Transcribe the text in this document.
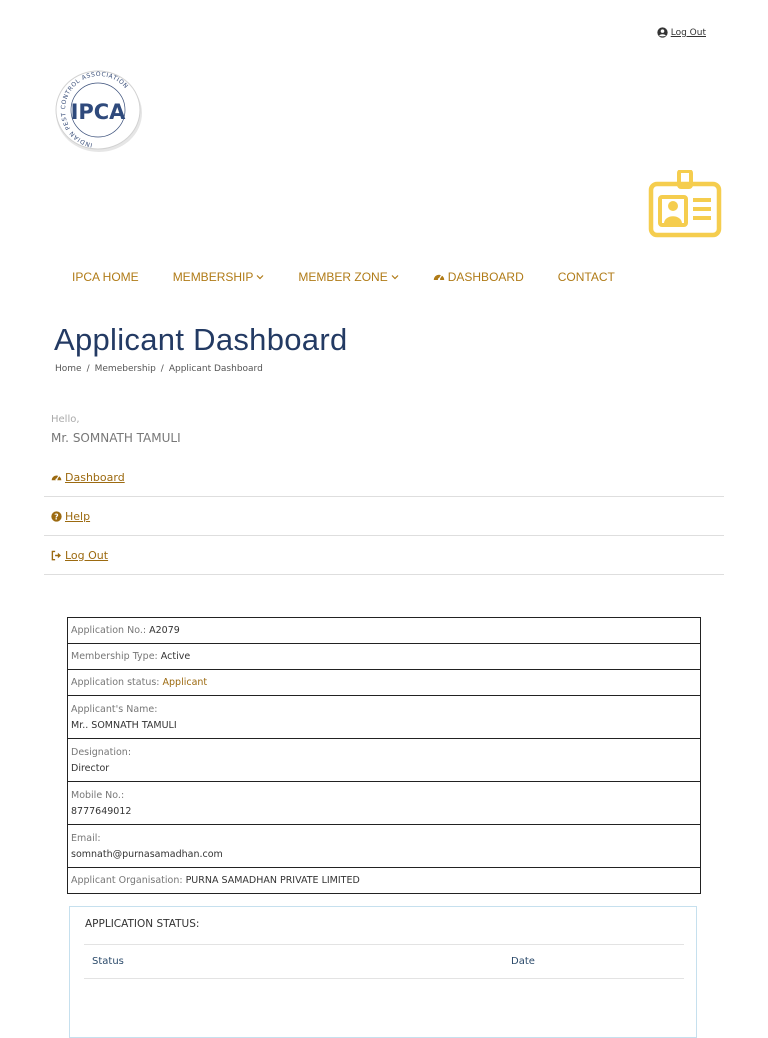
Log Out
INDIAN PEST CONTROL ASSOCIATION
IPCA
IPCA HOME	MEMBERSHIP	MEMBER ZONE	DASHBOARD	CONTACT
Applicant Dashboard
Home / Memebership / Applicant Dashboard
Hello,
Mr. SOMNATH TAMULI
Dashboard
? Help
Log Out
Application No.: A2079
Membership Type: Active
Application status: Applicant
Applicant's Name:
Mr.. SOMNATH TAMULI
Designation:
Director
Mobile No.:
8777649012
Email:
somnath@purnasamadhan.com
Applicant Organisation: PURNA SAMADHAN PRIVATE LIMITED
APPLICATION STATUS:
Status	Date
